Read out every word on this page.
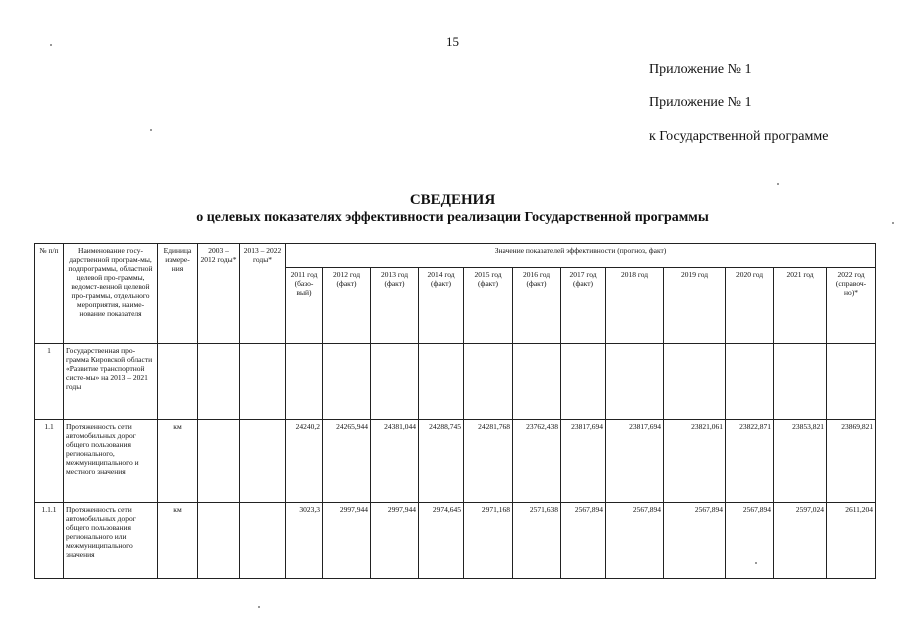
15
Приложение № 1
Приложение № 1
к Государственной программе
СВЕДЕНИЯ
о целевых показателях эффективности реализации Государственной программы
№ п/п	Наименование госу-дарственной програм-мы, подпрограммы, областной целевой про-граммы, ведомст-венной целевой про-граммы, отдельного мероприятия, наиме-нование показателя	Единица измере-ния	2003 – 2012 годы*	2013 – 2022 годы*	Значение показателей эффективности (прогноз, факт)											
					2011 год (базо-вый)	2012 год (факт)	2013 год (факт)	2014 год (факт)	2015 год (факт)	2016 год (факт)	2017 год (факт)	2018 год	2019 год	2020 год	2021 год	2022 год (справоч-но)*
1	Государственная про-грамма Кировской области «Развитие транспортной систе-мы» на 2013 – 2021 годы															
1.1	Протяженность сети автомобильных дорог общего пользования регионального, межмуниципального и местного значения	км			24240,2	24265,944	24381,044	24288,745	24281,768	23762,438	23817,694	23817,694	23821,061	23822,871	23853,821	23869,821
1.1.1	Протяженность сети автомобильных дорог общего пользования регионального или межмуниципального значения	км			3023,3	2997,944	2997,944	2974,645	2971,168	2571,638	2567,894	2567,894	2567,894	2567,894	2597,024	2611,204
